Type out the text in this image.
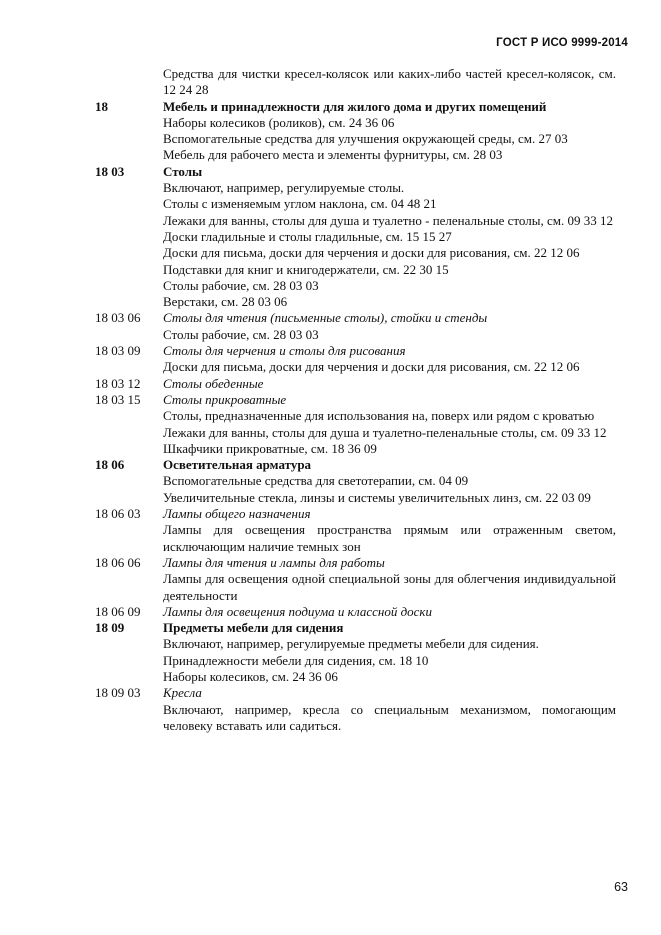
ГОСТ Р ИСО 9999-2014
Средства для чистки кресел-колясок или каких-либо частей кресел-колясок, см. 12 24 28
18	Мебель и принадлежности для жилого дома и других помещений
Наборы колесиков (роликов), см. 24 36 06
Вспомогательные средства для улучшения окружающей среды, см. 27 03
Мебель для рабочего места и элементы фурнитуры, см. 28 03
18 03	Столы
Включают, например, регулируемые столы.
Столы с изменяемым углом наклона, см. 04 48 21
Лежаки для ванны, столы для душа и туалетно - пеленальные столы, см. 09 33 12
Доски гладильные и столы гладильные, см. 15 15 27
Доски для письма, доски для черчения и доски для рисования, см. 22 12 06
Подставки для книг и книгодержатели, см. 22 30 15
Столы рабочие, см. 28 03 03
Верстаки, см. 28 03 06
18 03 06	Столы для чтения (письменные столы), стойки и стенды
Столы рабочие, см. 28 03 03
18 03 09	Столы для черчения и столы для рисования
Доски для письма, доски для черчения и доски для рисования, см. 22 12 06
18 03 12	Столы обеденные
18 03 15	Столы прикроватные
Столы, предназначенные для использования на, поверх или рядом с кроватью
Лежаки для ванны, столы для душа и туалетно-пеленальные столы, см. 09 33 12
Шкафчики прикроватные, см. 18 36 09
18 06	Осветительная арматура
Вспомогательные средства для светотерапии, см. 04 09
Увеличительные стекла, линзы и системы увеличительных линз, см. 22 03 09
18 06 03	Лампы общего назначения
Лампы для освещения пространства прямым или отраженным светом, исключающим наличие темных зон
18 06 06	Лампы для чтения и лампы для работы
Лампы для освещения одной специальной зоны для облегчения индивидуальной деятельности
18 06 09	Лампы для освещения подиума и классной доски
18 09	Предметы мебели для сидения
Включают, например, регулируемые предметы мебели для сидения.
Принадлежности мебели для сидения, см. 18 10
Наборы колесиков, см. 24 36 06
18 09 03	Кресла
Включают, например, кресла со специальным механизмом, помогающим человеку вставать или садиться.
63
